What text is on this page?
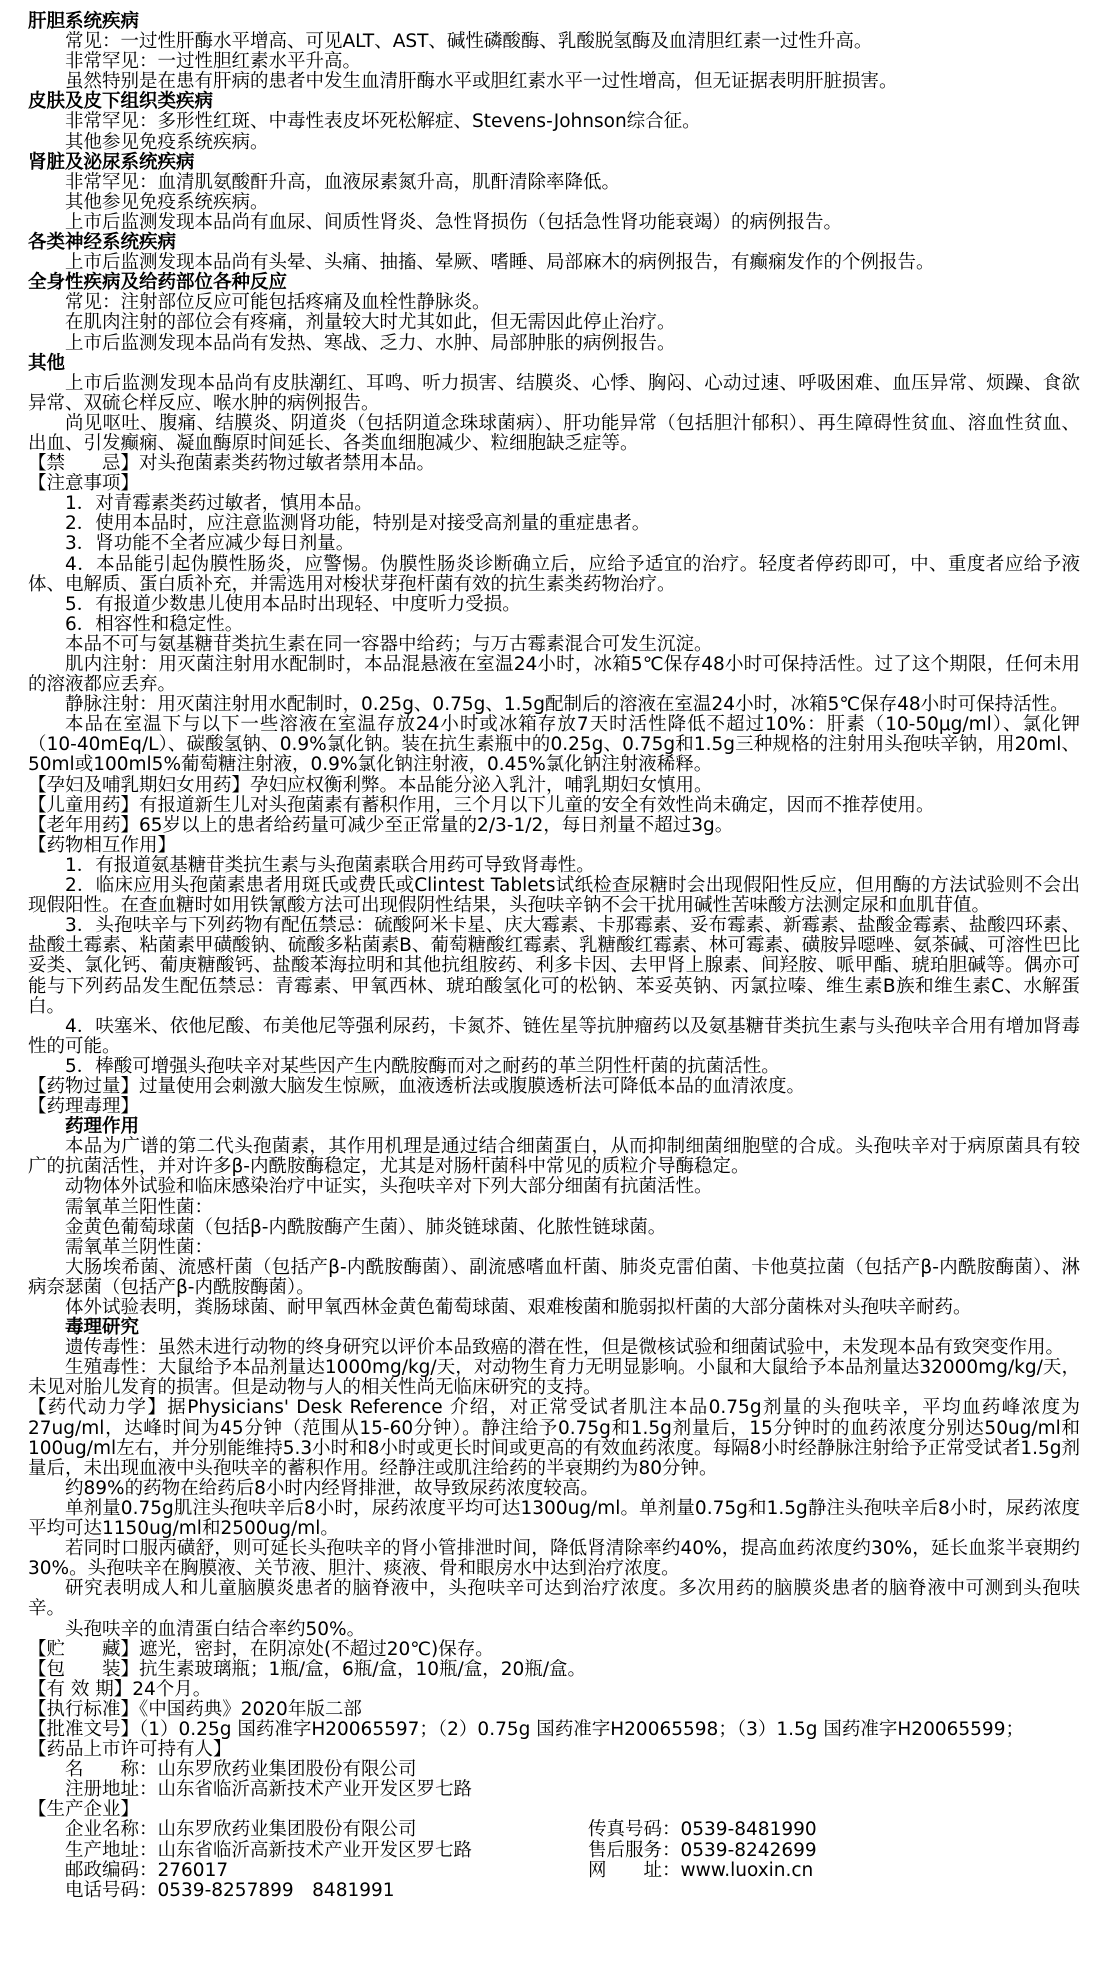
肝胆系统疾病

常见：一过性肝酶水平增高、可见ALT、AST、碱性磷酸酶、乳酸脱氢酶及血清胆红素一过性升高。

非常罕见：一过性胆红素水平升高。

虽然特别是在患有肝病的患者中发生血清肝酶水平或胆红素水平一过性增高，但无证据表明肝脏损害。

皮肤及皮下组织类疾病

非常罕见：多形性红斑、中毒性表皮坏死松解症、Stevens-Johnson综合征。

其他参见免疫系统疾病。

肾脏及泌尿系统疾病

非常罕见：血清肌氨酸酐升高，血液尿素氮升高，肌酐清除率降低。

其他参见免疫系统疾病。

上市后监测发现本品尚有血尿、间质性肾炎、急性肾损伤（包括急性肾功能衰竭）的病例报告。

各类神经系统疾病

上市后监测发现本品尚有头晕、头痛、抽搐、晕厥、嗜睡、局部麻木的病例报告，有癫痫发作的个例报告。

全身性疾病及给药部位各种反应

常见：注射部位反应可能包括疼痛及血栓性静脉炎。

在肌肉注射的部位会有疼痛，剂量较大时尤其如此，但无需因此停止治疗。

上市后监测发现本品尚有发热、寒战、乏力、水肿、局部肿胀的病例报告。

其他

上市后监测发现本品尚有皮肤潮红、耳鸣、听力损害、结膜炎、心悸、胸闷、心动过速、呼吸困难、血压异常、烦躁、食欲异常、双硫仑样反应、喉水肿的病例报告。

尚见呕吐、腹痛、结膜炎、阴道炎（包括阴道念珠球菌病）、肝功能异常（包括胆汁郁积）、再生障碍性贫血、溶血性贫血、出血、引发癫痫、凝血酶原时间延长、各类血细胞减少、粒细胞缺乏症等。

【禁　　忌】对头孢菌素类药物过敏者禁用本品。

【注意事项】

1．对青霉素类药过敏者，慎用本品。

2．使用本品时，应注意监测肾功能，特别是对接受高剂量的重症患者。

3．肾功能不全者应减少每日剂量。

4．本品能引起伪膜性肠炎，应警惕。伪膜性肠炎诊断确立后，应给予适宜的治疗。轻度者停药即可，中、重度者应给予液体、电解质、蛋白质补充，并需选用对梭状芽孢杆菌有效的抗生素类药物治疗。

5．有报道少数患儿使用本品时出现轻、中度听力受损。

6．相容性和稳定性。

本品不可与氨基糖苷类抗生素在同一容器中给药；与万古霉素混合可发生沉淀。

肌内注射：用灭菌注射用水配制时，本品混悬液在室温24小时，冰箱5℃保存48小时可保持活性。过了这个期限，任何未用的溶液都应丢弃。

静脉注射：用灭菌注射用水配制时，0.25g、0.75g、1.5g配制后的溶液在室温24小时，冰箱5℃保存48小时可保持活性。

本品在室温下与以下一些溶液在室温存放24小时或冰箱存放7天时活性降低不超过10%：肝素（10-50μg/ml）、氯化钾（10-40mEq/L）、碳酸氢钠、0.9%氯化钠。装在抗生素瓶中的0.25g、0.75g和1.5g三种规格的注射用头孢呋辛钠，用20ml、50ml或100ml5%葡萄糖注射液，0.9%氯化钠注射液，0.45%氯化钠注射液稀释。

【孕妇及哺乳期妇女用药】孕妇应权衡利弊。本品能分泌入乳汁，哺乳期妇女慎用。

【儿童用药】有报道新生儿对头孢菌素有蓄积作用，三个月以下儿童的安全有效性尚未确定，因而不推荐使用。

【老年用药】65岁以上的患者给药量可减少至正常量的2/3-1/2，每日剂量不超过3g。

【药物相互作用】

1．有报道氨基糖苷类抗生素与头孢菌素联合用药可导致肾毒性。

2．临床应用头孢菌素患者用斑氏或费氏或Clintest Tablets试纸检查尿糖时会出现假阳性反应，但用酶的方法试验则不会出现假阳性。在查血糖时如用铁氰酸方法可出现假阴性结果，头孢呋辛钠不会干扰用碱性苦味酸方法测定尿和血肌苷值。

3．头孢呋辛与下列药物有配伍禁忌：硫酸阿米卡星、庆大霉素、卡那霉素、妥布霉素、新霉素、盐酸金霉素、盐酸四环素、盐酸土霉素、粘菌素甲磺酸钠、硫酸多粘菌素B、葡萄糖酸红霉素、乳糖酸红霉素、林可霉素、磺胺异噁唑、氨茶碱、可溶性巴比妥类、氯化钙、葡庚糖酸钙、盐酸苯海拉明和其他抗组胺药、利多卡因、去甲肾上腺素、间羟胺、哌甲酯、琥珀胆碱等。偶亦可能与下列药品发生配伍禁忌：青霉素、甲氧西林、琥珀酸氢化可的松钠、苯妥英钠、丙氯拉嗪、维生素B族和维生素C、水解蛋白。

4．呋塞米、依他尼酸、布美他尼等强利尿药，卡氮芥、链佐星等抗肿瘤药以及氨基糖苷类抗生素与头孢呋辛合用有增加肾毒性的可能。

5．棒酸可增强头孢呋辛对某些因产生内酰胺酶而对之耐药的革兰阴性杆菌的抗菌活性。

【药物过量】过量使用会刺激大脑发生惊厥，血液透析法或腹膜透析法可降低本品的血清浓度。

【药理毒理】

药理作用

本品为广谱的第二代头孢菌素，其作用机理是通过结合细菌蛋白，从而抑制细菌细胞壁的合成。头孢呋辛对于病原菌具有较广的抗菌活性，并对许多β-内酰胺酶稳定，尤其是对肠杆菌科中常见的质粒介导酶稳定。

动物体外试验和临床感染治疗中证实，头孢呋辛对下列大部分细菌有抗菌活性。

需氧革兰阳性菌：

金黄色葡萄球菌（包括β-内酰胺酶产生菌）、肺炎链球菌、化脓性链球菌。

需氧革兰阴性菌：

大肠埃希菌、流感杆菌（包括产β-内酰胺酶菌）、副流感嗜血杆菌、肺炎克雷伯菌、卡他莫拉菌（包括产β-内酰胺酶菌）、淋病奈瑟菌（包括产β-内酰胺酶菌）。

体外试验表明，粪肠球菌、耐甲氧西林金黄色葡萄球菌、艰难梭菌和脆弱拟杆菌的大部分菌株对头孢呋辛耐药。

毒理研究

遗传毒性：虽然未进行动物的终身研究以评价本品致癌的潜在性，但是微核试验和细菌试验中，未发现本品有致突变作用。

生殖毒性：大鼠给予本品剂量达1000mg/kg/天，对动物生育力无明显影响。小鼠和大鼠给予本品剂量达32000mg/kg/天，未见对胎儿发育的损害。但是动物与人的相关性尚无临床研究的支持。

【药代动力学】据Physicians' Desk Reference 介绍，对正常受试者肌注本品0.75g剂量的头孢呋辛，平均血药峰浓度为27ug/ml，达峰时间为45分钟（范围从15-60分钟）。静注给予0.75g和1.5g剂量后，15分钟时的血药浓度分别达50ug/ml和100ug/ml左右，并分别能维持5.3小时和8小时或更长时间或更高的有效血药浓度。每隔8小时经静脉注射给予正常受试者1.5g剂量后，未出现血液中头孢呋辛的蓄积作用。经静注或肌注给药的半衰期约为80分钟。

约89%的药物在给药后8小时内经肾排泄，故导致尿药浓度较高。

单剂量0.75g肌注头孢呋辛后8小时，尿药浓度平均可达1300ug/ml。单剂量0.75g和1.5g静注头孢呋辛后8小时，尿药浓度平均可达1150ug/ml和2500ug/ml。

若同时口服丙磺舒，则可延长头孢呋辛的肾小管排泄时间，降低肾清除率约40%，提高血药浓度约30%，延长血浆半衰期约30%。头孢呋辛在胸膜液、关节液、胆汁、痰液、骨和眼房水中达到治疗浓度。

研究表明成人和儿童脑膜炎患者的脑脊液中，头孢呋辛可达到治疗浓度。多次用药的脑膜炎患者的脑脊液中可测到头孢呋辛。

头孢呋辛的血清蛋白结合率约50%。

【贮　　藏】遮光，密封，在阴凉处(不超过20℃)保存。

【包　　装】抗生素玻璃瓶；1瓶/盒，6瓶/盒，10瓶/盒，20瓶/盒。

【有 效 期】24个月。

【执行标准】《中国药典》2020年版二部

【批准文号】（1）0.25g 国药准字H20065597；（2）0.75g 国药准字H20065598；（3）1.5g 国药准字H20065599；

【药品上市许可持有人】

名　　称：山东罗欣药业集团股份有限公司

注册地址：山东省临沂高新技术产业开发区罗七路

【生产企业】

企业名称：山东罗欣药业集团股份有限公司	传真号码：0539-8481990
生产地址：山东省临沂高新技术产业开发区罗七路	售后服务：0539-8242699
邮政编码：276017	网　　址：www.luoxin.cn
电话号码：0539-8257899　8481991
